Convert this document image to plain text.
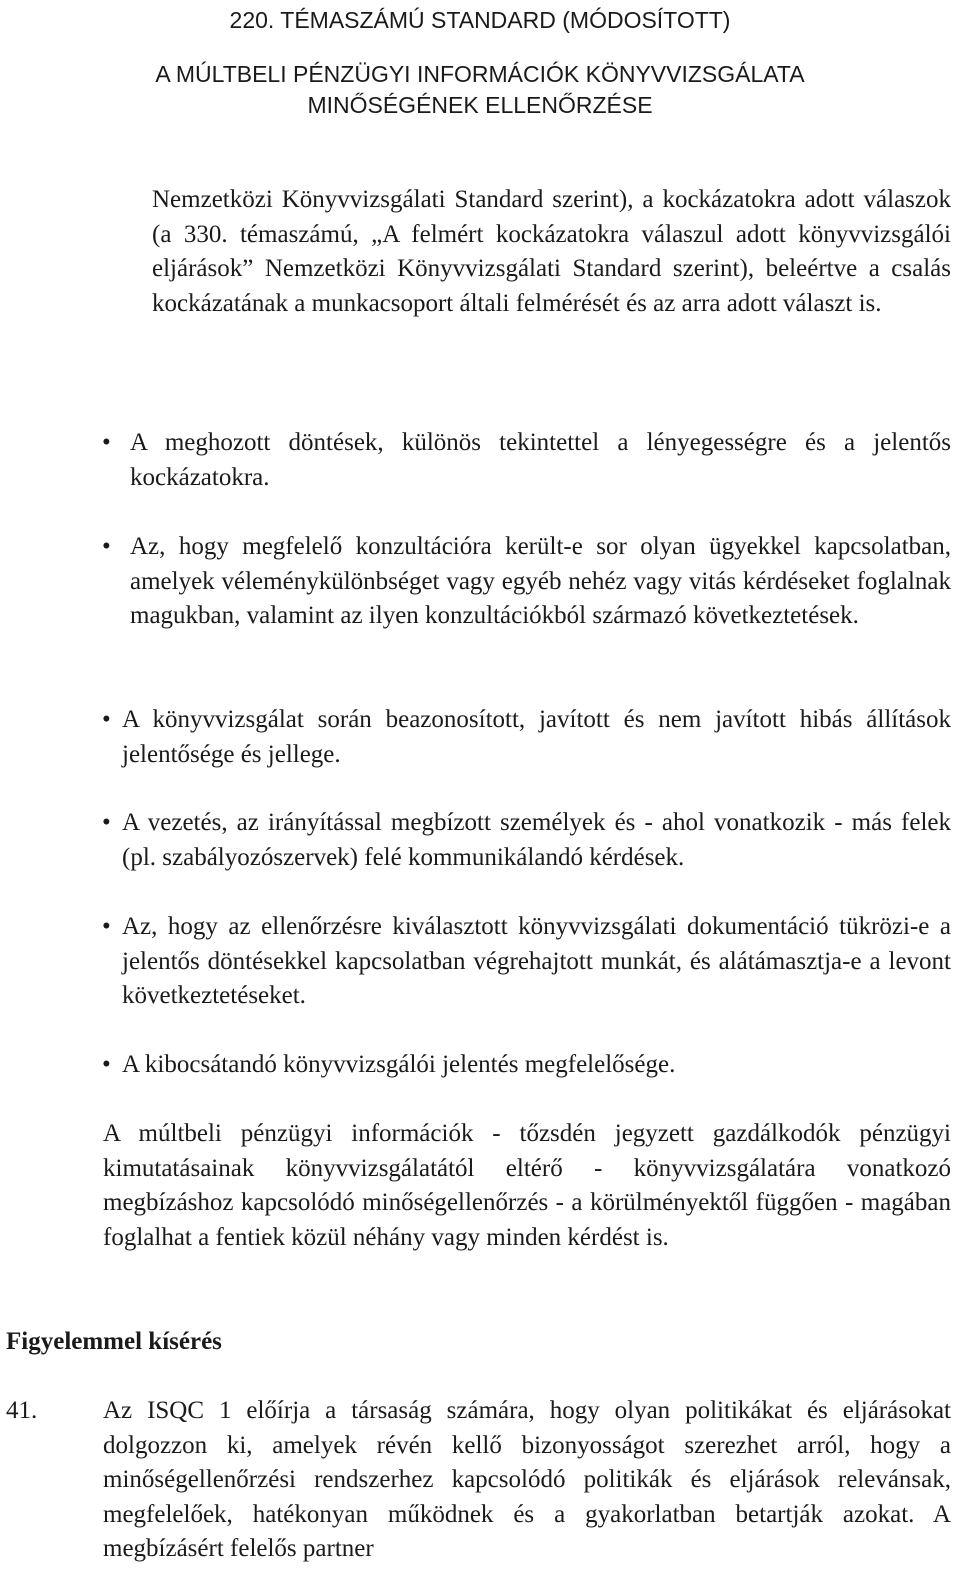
220. TÉMASZÁMÚ STANDARD (MÓDOSÍTOTT)
A MÚLTBELI PÉNZÜGYI INFORMÁCIÓK KÖNYVVIZSGÁLATA
MINŐSÉGÉNEK ELLENŐRZÉSE
Nemzetközi Könyvvizsgálati Standard szerint), a kockázatokra adott válaszok (a 330. témaszámú, „A felmért kockázatokra válaszul adott könyvvizsgálói eljárások” Nemzetközi Könyvvizsgálati Standard szerint), beleértve a csalás kockázatának a munkacsoport általi felmérését és az arra adott választ is.
• A meghozott döntések, különös tekintettel a lényegességre és a jelentős kockázatokra.
• Az, hogy megfelelő konzultációra került-e sor olyan ügyekkel kapcsolatban, amelyek véleménykülönbséget vagy egyéb nehéz vagy vitás kérdéseket foglalnak magukban, valamint az ilyen konzultációkból származó következtetések.
• A könyvvizsgálat során beazonosított, javított és nem javított hibás állítások jelentősége és jellege.
• A vezetés, az irányítással megbízott személyek és - ahol vonatkozik - más felek (pl. szabályozószervek) felé kommunikálandó kérdések.
• Az, hogy az ellenőrzésre kiválasztott könyvvizsgálati dokumentáció tükrözi-e a jelentős döntésekkel kapcsolatban végrehajtott munkát, és alátámasztja-e a levont következtetéseket.
• A kibocsátandó könyvvizsgálói jelentés megfelelősége.
A múltbeli pénzügyi információk - tőzsdén jegyzett gazdálkodók pénzügyi kimutatásainak könyvvizsgálatától eltérő - könyvvizsgálatára vonatkozó megbízáshoz kapcsolódó minőségellenőrzés - a körülményektől függően - magában foglalhat a fentiek közül néhány vagy minden kérdést is.
Figyelemmel kísérés
41.	Az ISQC 1 előírja a társaság számára, hogy olyan politikákat és eljárásokat dolgozzon ki, amelyek révén kellő bizonyosságot szerezhet arról, hogy a minőségellenőrzési rendszerhez kapcsolódó politikák és eljárások relevánsak, megfelelőek, hatékonyan működnek és a gyakorlatban betartják azokat. A megbízásért felelős partner
